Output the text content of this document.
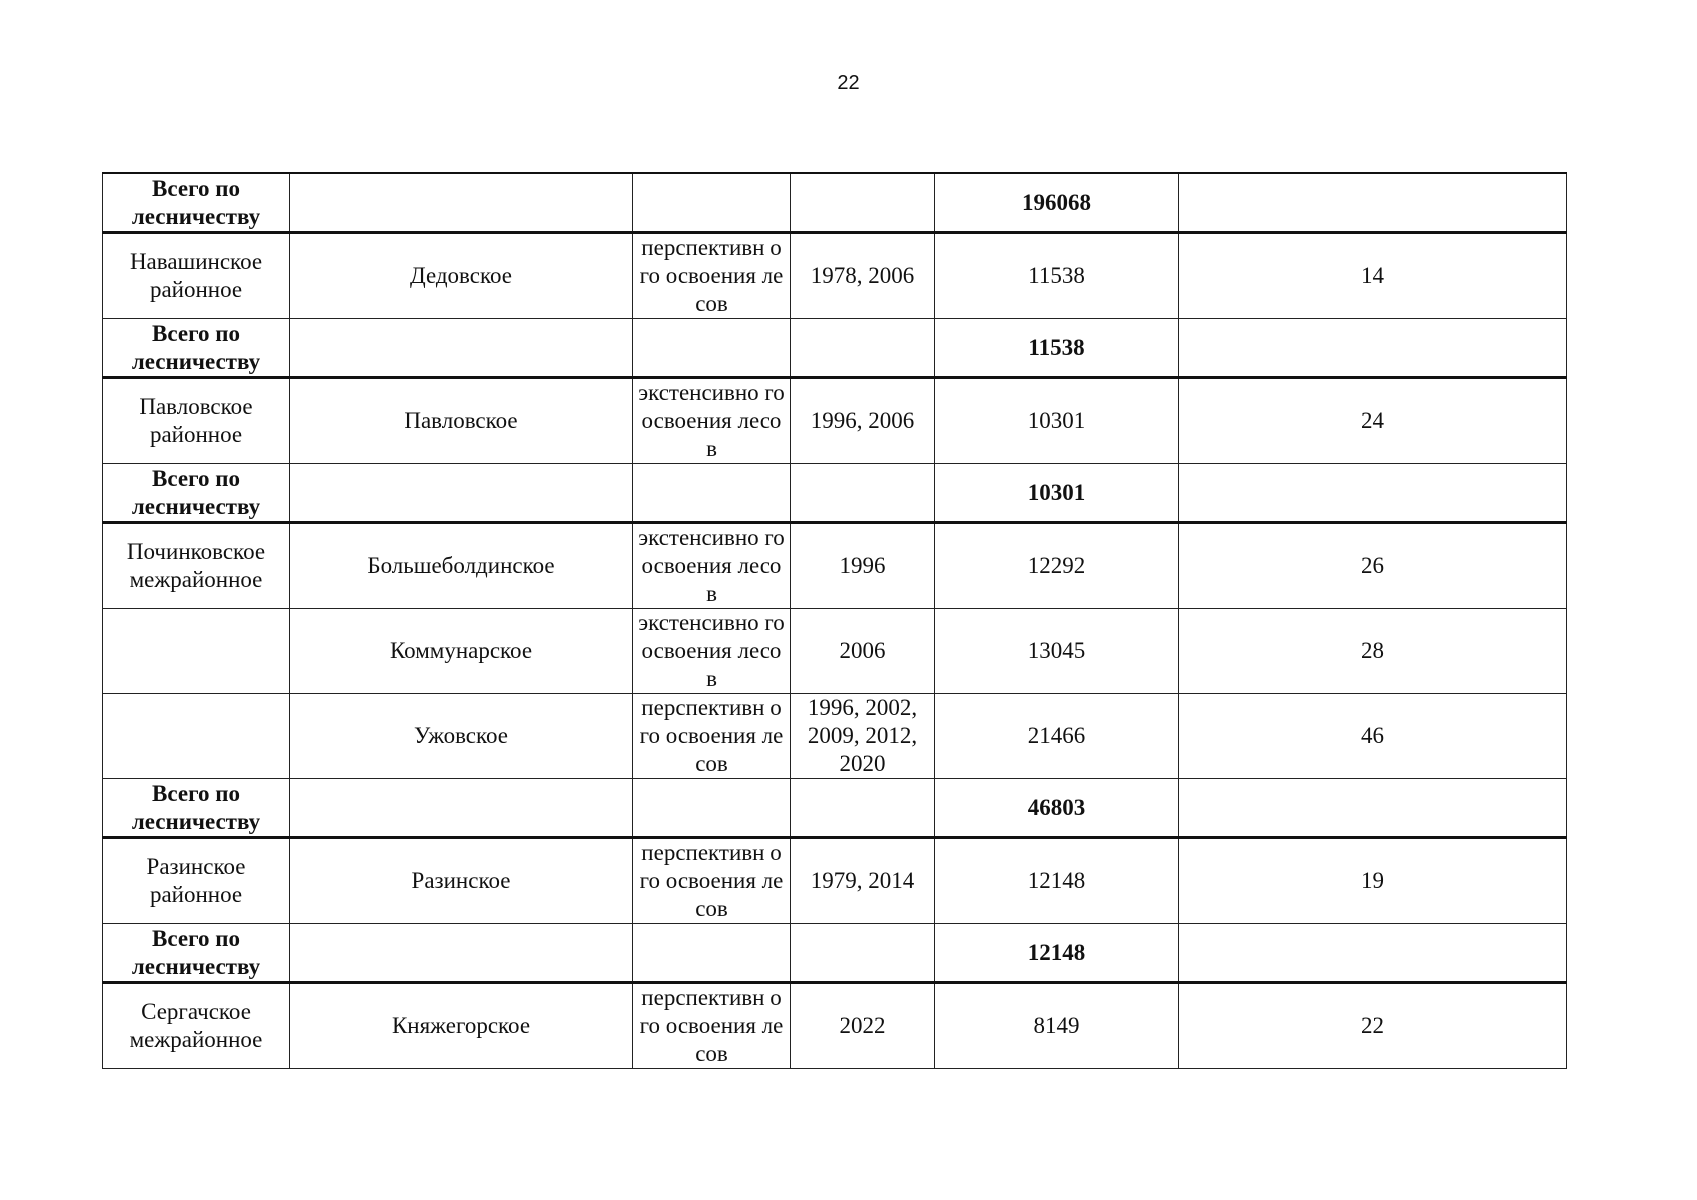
22
Всего по лесничеству				196068	
Навашинское районное	Дедовское	перспективн ого освоения лесов	1978, 2006	11538	14
Всего по лесничеству				11538	
Павловское районное	Павловское	экстенсивно го освоения лесов	1996, 2006	10301	24
Всего по лесничеству				10301	
Починковское межрайонное	Большеболдинское	экстенсивно го освоения лесов	1996	12292	26
	Коммунарское	экстенсивно го освоения лесов	2006	13045	28
	Ужовское	перспективн ого освоения лесов	1996, 2002, 2009, 2012, 2020	21466	46
Всего по лесничеству				46803	
Разинское районное	Разинское	перспективн ого освоения лесов	1979, 2014	12148	19
Всего по лесничеству				12148	
Сергачское межрайонное	Княжегорское	перспективн ого освоения лесов	2022	8149	22
